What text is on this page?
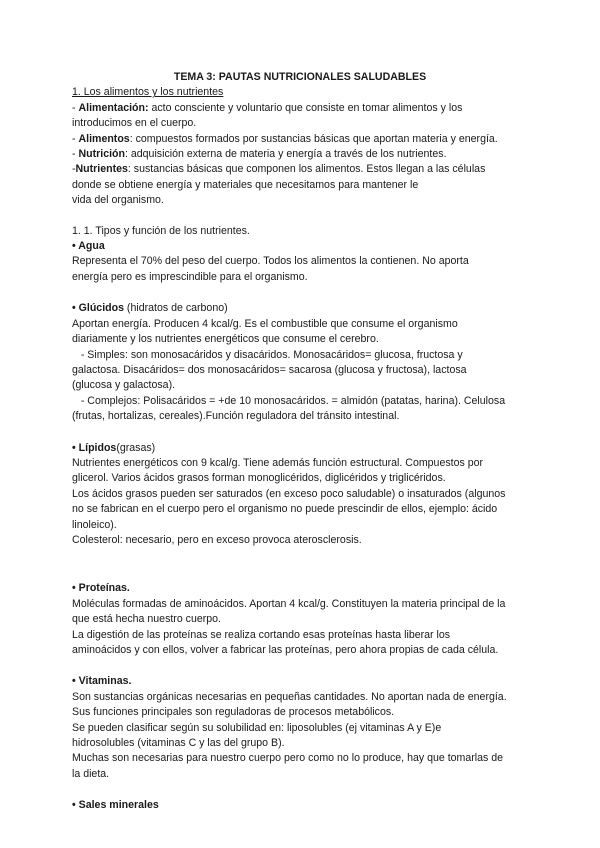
TEMA 3: PAUTAS NUTRICIONALES SALUDABLES

1. Los alimentos y los nutrientes

- Alimentación: acto consciente y voluntario que consiste en tomar alimentos y los

introducimos en el cuerpo.

- Alimentos: compuestos formados por sustancias básicas que aportan materia y energía.

- Nutrición: adquisición externa de materia y energía a través de los nutrientes.

-Nutrientes: sustancias básicas que componen los alimentos. Estos llegan a las células

donde se obtiene energía y materiales que necesitamos para mantener le

vida del organismo.

1. 1. Tipos y función de los nutrientes.

• Agua

Representa el 70% del peso del cuerpo. Todos los alimentos la contienen. No aporta

energía pero es imprescindible para el organismo.

• Glúcidos (hidratos de carbono)

Aportan energía. Producen 4 kcal/g. Es el combustible que consume el organismo

diariamente y los nutrientes energéticos que consume el cerebro.

- Simples: son monosacáridos y disacáridos. Monosacáridos= glucosa, fructosa y

galactosa. Disacáridos= dos monosacáridos= sacarosa (glucosa y fructosa), lactosa

(glucosa y galactosa).

- Complejos: Polisacáridos = +de 10 monosacáridos. = almidón (patatas, harina). Celulosa

(frutas, hortalizas, cereales).Función reguladora del tránsito intestinal.

• Lípidos(grasas)

Nutrientes energéticos con 9 kcal/g. Tiene además función estructural. Compuestos por

glicerol. Varios ácidos grasos forman monoglicéridos, diglicéridos y triglicéridos.

Los ácidos grasos pueden ser saturados (en exceso poco saludable) o insaturados (algunos

no se fabrican en el cuerpo pero el organismo no puede prescindir de ellos, ejemplo: ácido

linoleico).

Colesterol: necesario, pero en exceso provoca aterosclerosis.

• Proteínas.

Moléculas formadas de aminoácidos. Aportan 4 kcal/g. Constituyen la materia principal de la

que está hecha nuestro cuerpo.

La digestión de las proteínas se realiza cortando esas proteínas hasta liberar los

aminoácidos y con ellos, volver a fabricar las proteínas, pero ahora propias de cada célula.

• Vitaminas.

Son sustancias orgánicas necesarias en pequeñas cantidades. No aportan nada de energía.

Sus funciones principales son reguladoras de procesos metabólicos.

Se pueden clasificar según su solubilidad en: liposolubles (ej vitaminas A y E)e

hidrosolubles (vitaminas C y las del grupo B).

Muchas son necesarias para nuestro cuerpo pero como no lo produce, hay que tomarlas de

la dieta.

• Sales minerales
